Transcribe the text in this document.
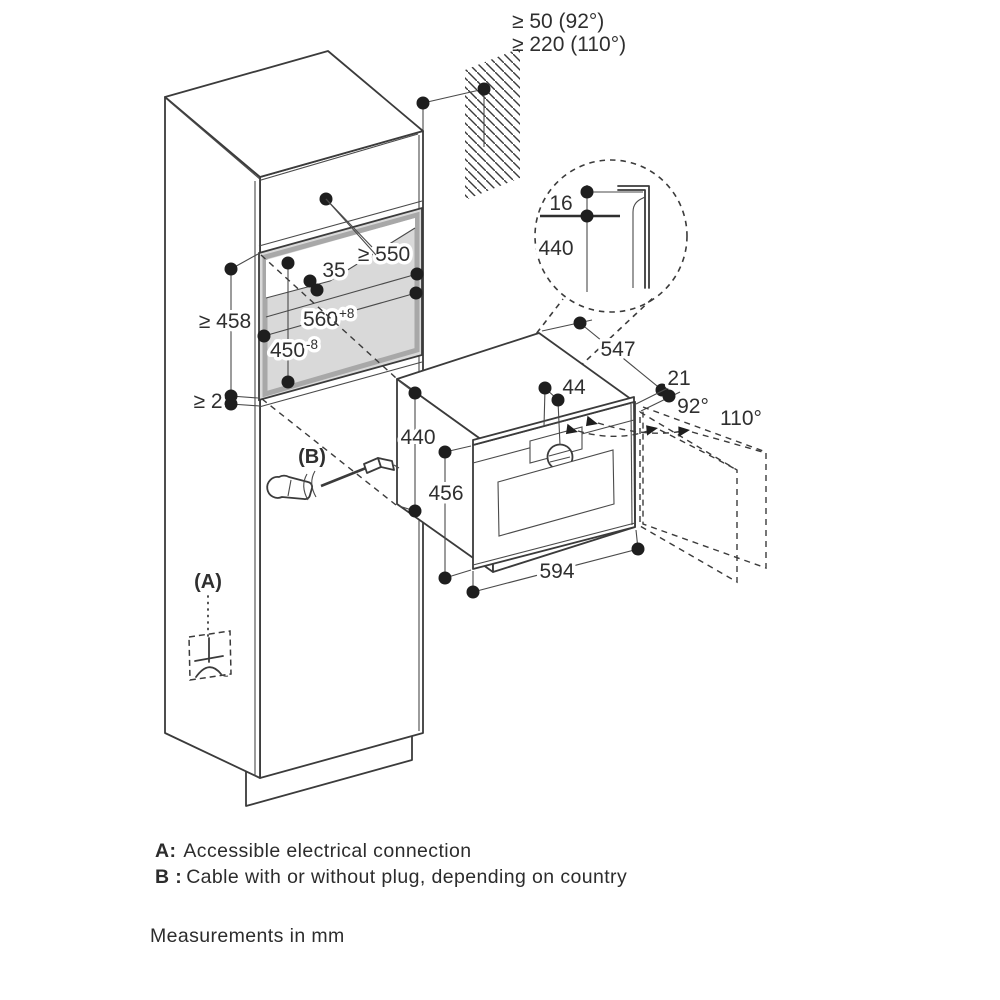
≥ 50 (92°)
≥ 220 (110°)
≥ 550
$560^{+8}$
$450^{-8}$
35
≥ 458
≥ 2
440
456
594
44
547
21
92°
110°
16
440
(B)
(A)
A: Accessible electrical connection
B : Cable with or without plug, depending on country
Measurements in mm
